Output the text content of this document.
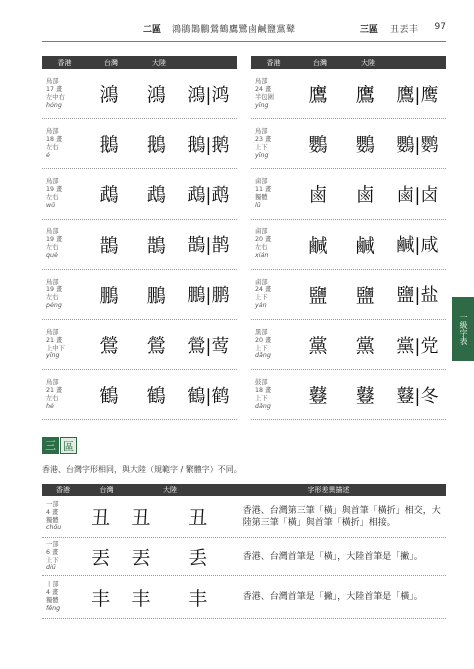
二區 鴻鵑鵲鵬鶯鶴鷹鷺鹵鹹鹽黨鼙	三區 丑丟丰 97
香港	台灣	大陸
鳥部
17 畫
左中右
hóng	鴻	鴻	鴻|鸿
鳥部
18 畫
左右
é	鵝	鵝	鵝|鹅
鳥部
19 畫
左右
wǔ	鵡	鵡	鵡|鹉
鳥部
19 畫
左右
què	鵲	鵲	鵲|鹊
鳥部
19 畫
左右
péng	鵬	鵬	鵬|鹏
鳥部
21 畫
上中下
yīng	鶯	鶯	鶯|莺
鳥部
21 畫
左右
hè	鶴	鶴	鶴|鹤
香港	台灣	大陸
鳥部
24 畫
半包圍
yīng	鷹	鷹	鷹|鹰
鳥部
23 畫
上下
yīng	鸚	鸚	鸚|鹦
鹵部
11 畫
獨體
lǔ	鹵	鹵	鹵|卤
鹵部
20 畫
左右
xián	鹹	鹹	鹹|咸
鹵部
24 畫
上下
yán	鹽	鹽	鹽|盐
黑部
20 畫
上下
dǎng	黨	黨	黨|党
鼓部
18 畫
上下
dǎng	鼟	鼟	鼟|冬
一級字表
三 區
香港、台灣字形相同，與大陸（規範字 / 繁體字）不同。
香港	台灣	大陸	字形差異描述
一部
4 畫
獨體
chǒu	丑	丑	丑	香港、台灣第三筆「橫」與首筆「橫折」相交，大陸第三筆「橫」與首筆「橫折」相接。
一部
6 畫
上下
diū	丟	丟	丢	香港、台灣首筆是「橫」，大陸首筆是「撇」。
丨部
4 畫
獨體
fēng	丰	丰	丰	香港、台灣首筆是「撇」，大陸首筆是「橫」。
